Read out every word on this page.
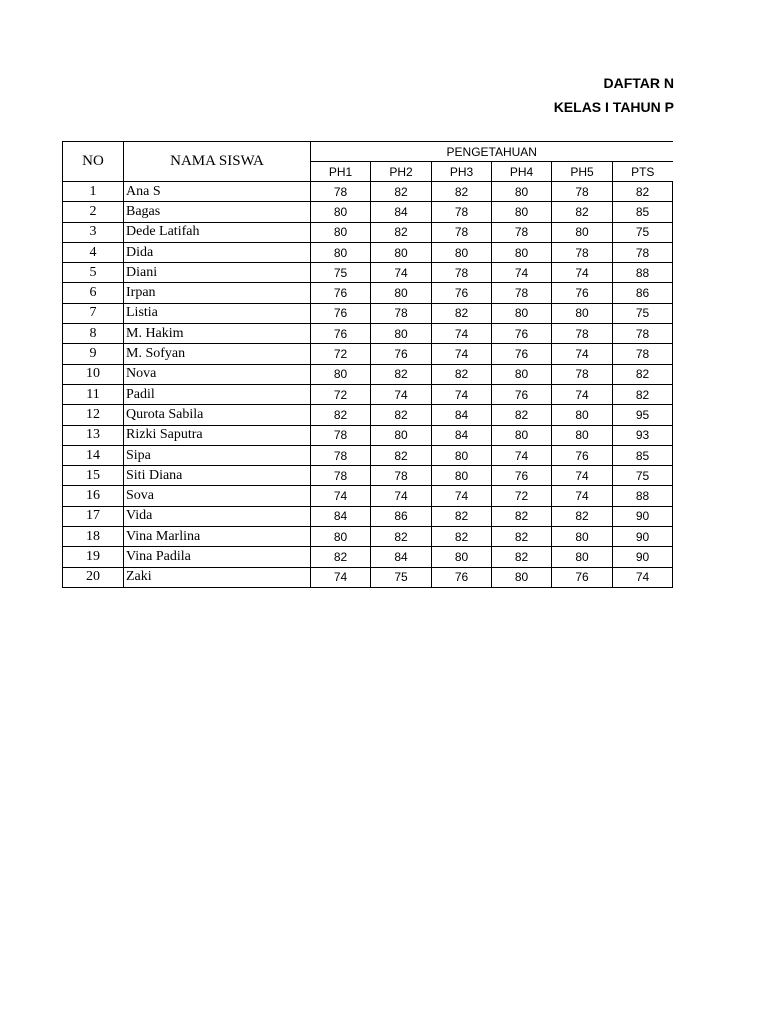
DAFTAR N
KELAS I TAHUN P
NO	NAMA SISWA	PENGETAHUAN					
		PH1	PH2	PH3	PH4	PH5	PTS
1	Ana S	78	82	82	80	78	82
2	Bagas	80	84	78	80	82	85
3	Dede Latifah	80	82	78	78	80	75
4	Dida	80	80	80	80	78	78
5	Diani	75	74	78	74	74	88
6	Irpan	76	80	76	78	76	86
7	Listia	76	78	82	80	80	75
8	M. Hakim	76	80	74	76	78	78
9	M. Sofyan	72	76	74	76	74	78
10	Nova	80	82	82	80	78	82
11	Padil	72	74	74	76	74	82
12	Qurota Sabila	82	82	84	82	80	95
13	Rizki Saputra	78	80	84	80	80	93
14	Sipa	78	82	80	74	76	85
15	Siti Diana	78	78	80	76	74	75
16	Sova	74	74	74	72	74	88
17	Vida	84	86	82	82	82	90
18	Vina Marlina	80	82	82	82	80	90
19	Vina Padila	82	84	80	82	80	90
20	Zaki	74	75	76	80	76	74
